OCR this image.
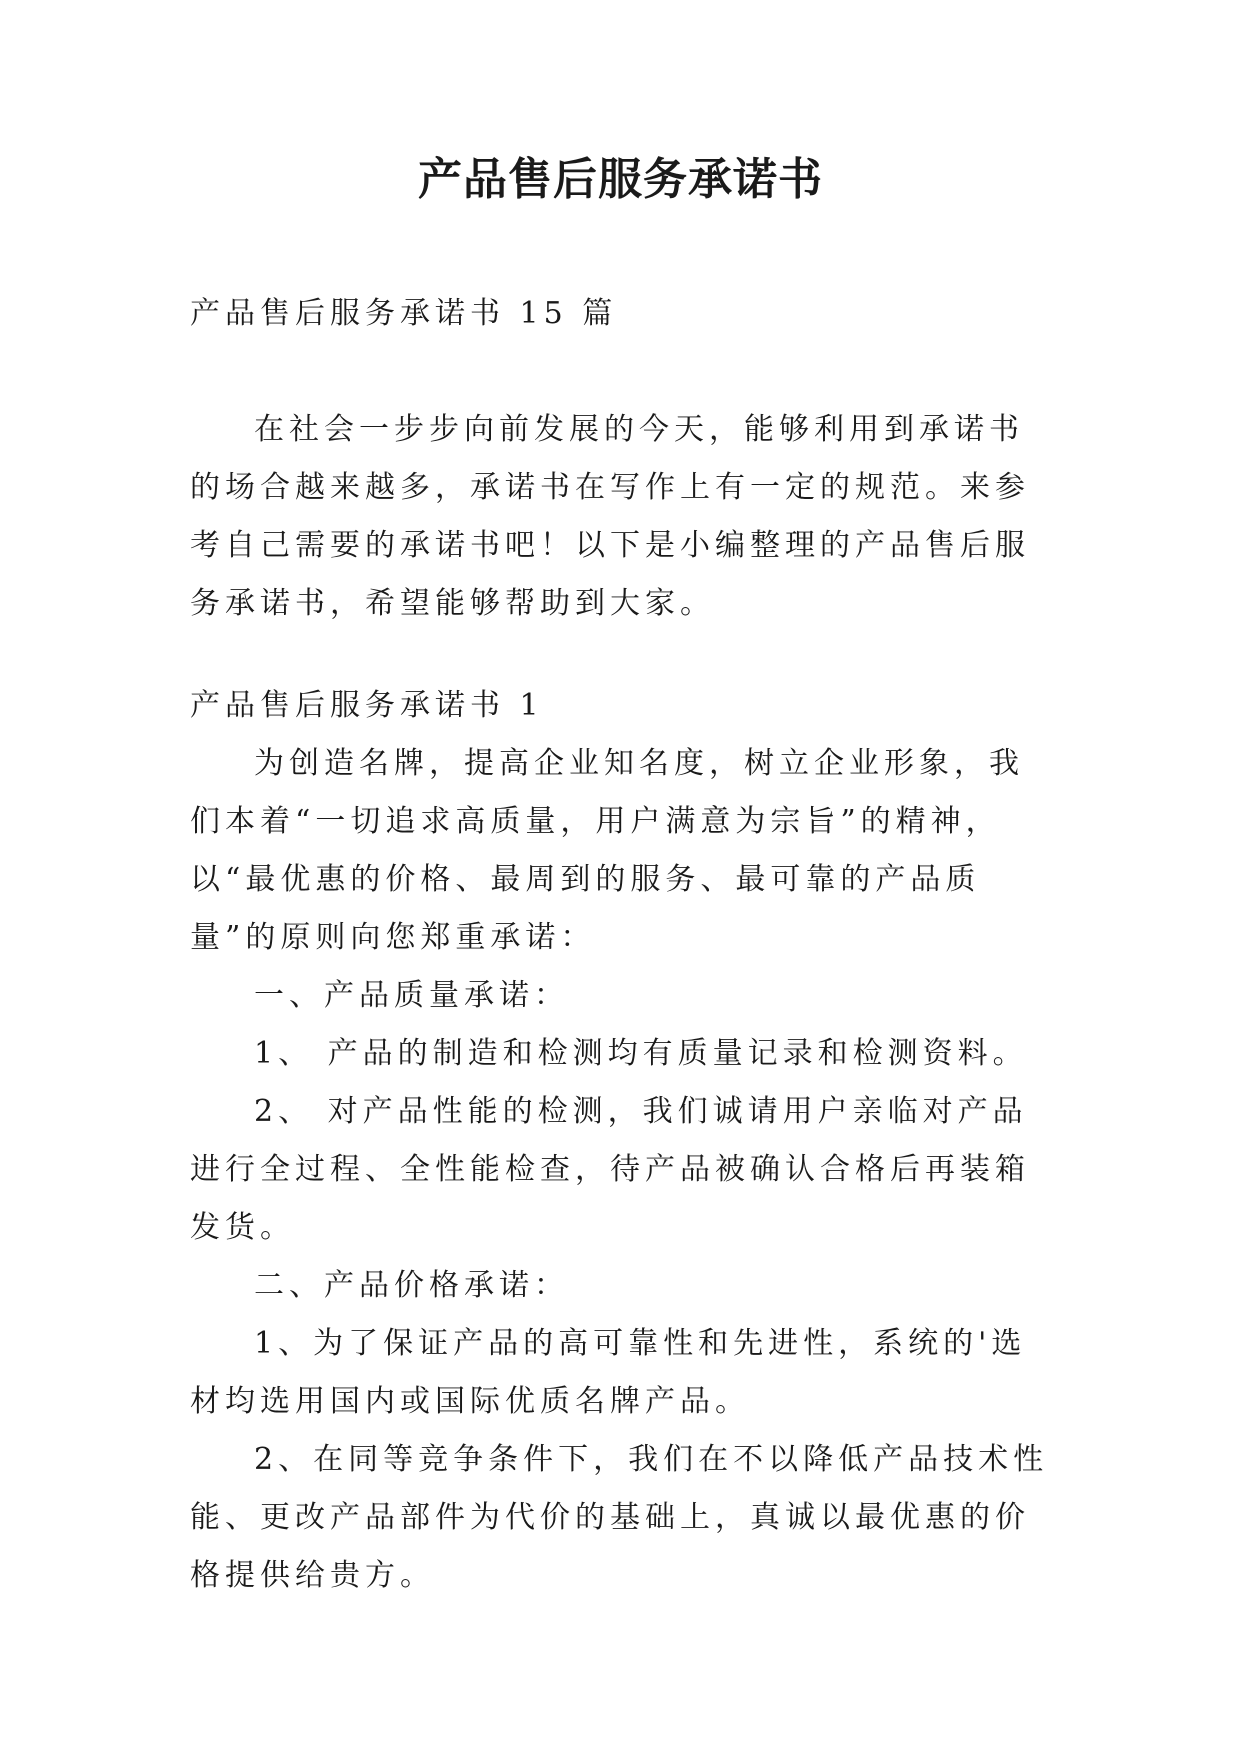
产品售后服务承诺书

产品售后服务承诺书 15 篇

在社会一步步向前发展的今天，能够利用到承诺书的场合越来越多，承诺书在写作上有一定的规范。来参考自己需要的承诺书吧！以下是小编整理的产品售后服务承诺书，希望能够帮助到大家。

产品售后服务承诺书 1

为创造名牌，提高企业知名度，树立企业形象，我们本着“一切追求高质量，用户满意为宗旨”的精神，以“最优惠的价格、最周到的服务、最可靠的产品质量”的原则向您郑重承诺：

一、产品质量承诺：

1、 产品的制造和检测均有质量记录和检测资料。

2、 对产品性能的检测，我们诚请用户亲临对产品进行全过程、全性能检查，待产品被确认合格后再装箱发货。

二、产品价格承诺：

1、为了保证产品的高可靠性和先进性，系统的'选材均选用国内或国际优质名牌产品。

2、在同等竞争条件下，我们在不以降低产品技术性能、更改产品部件为代价的基础上，真诚以最优惠的价格提供给贵方。
